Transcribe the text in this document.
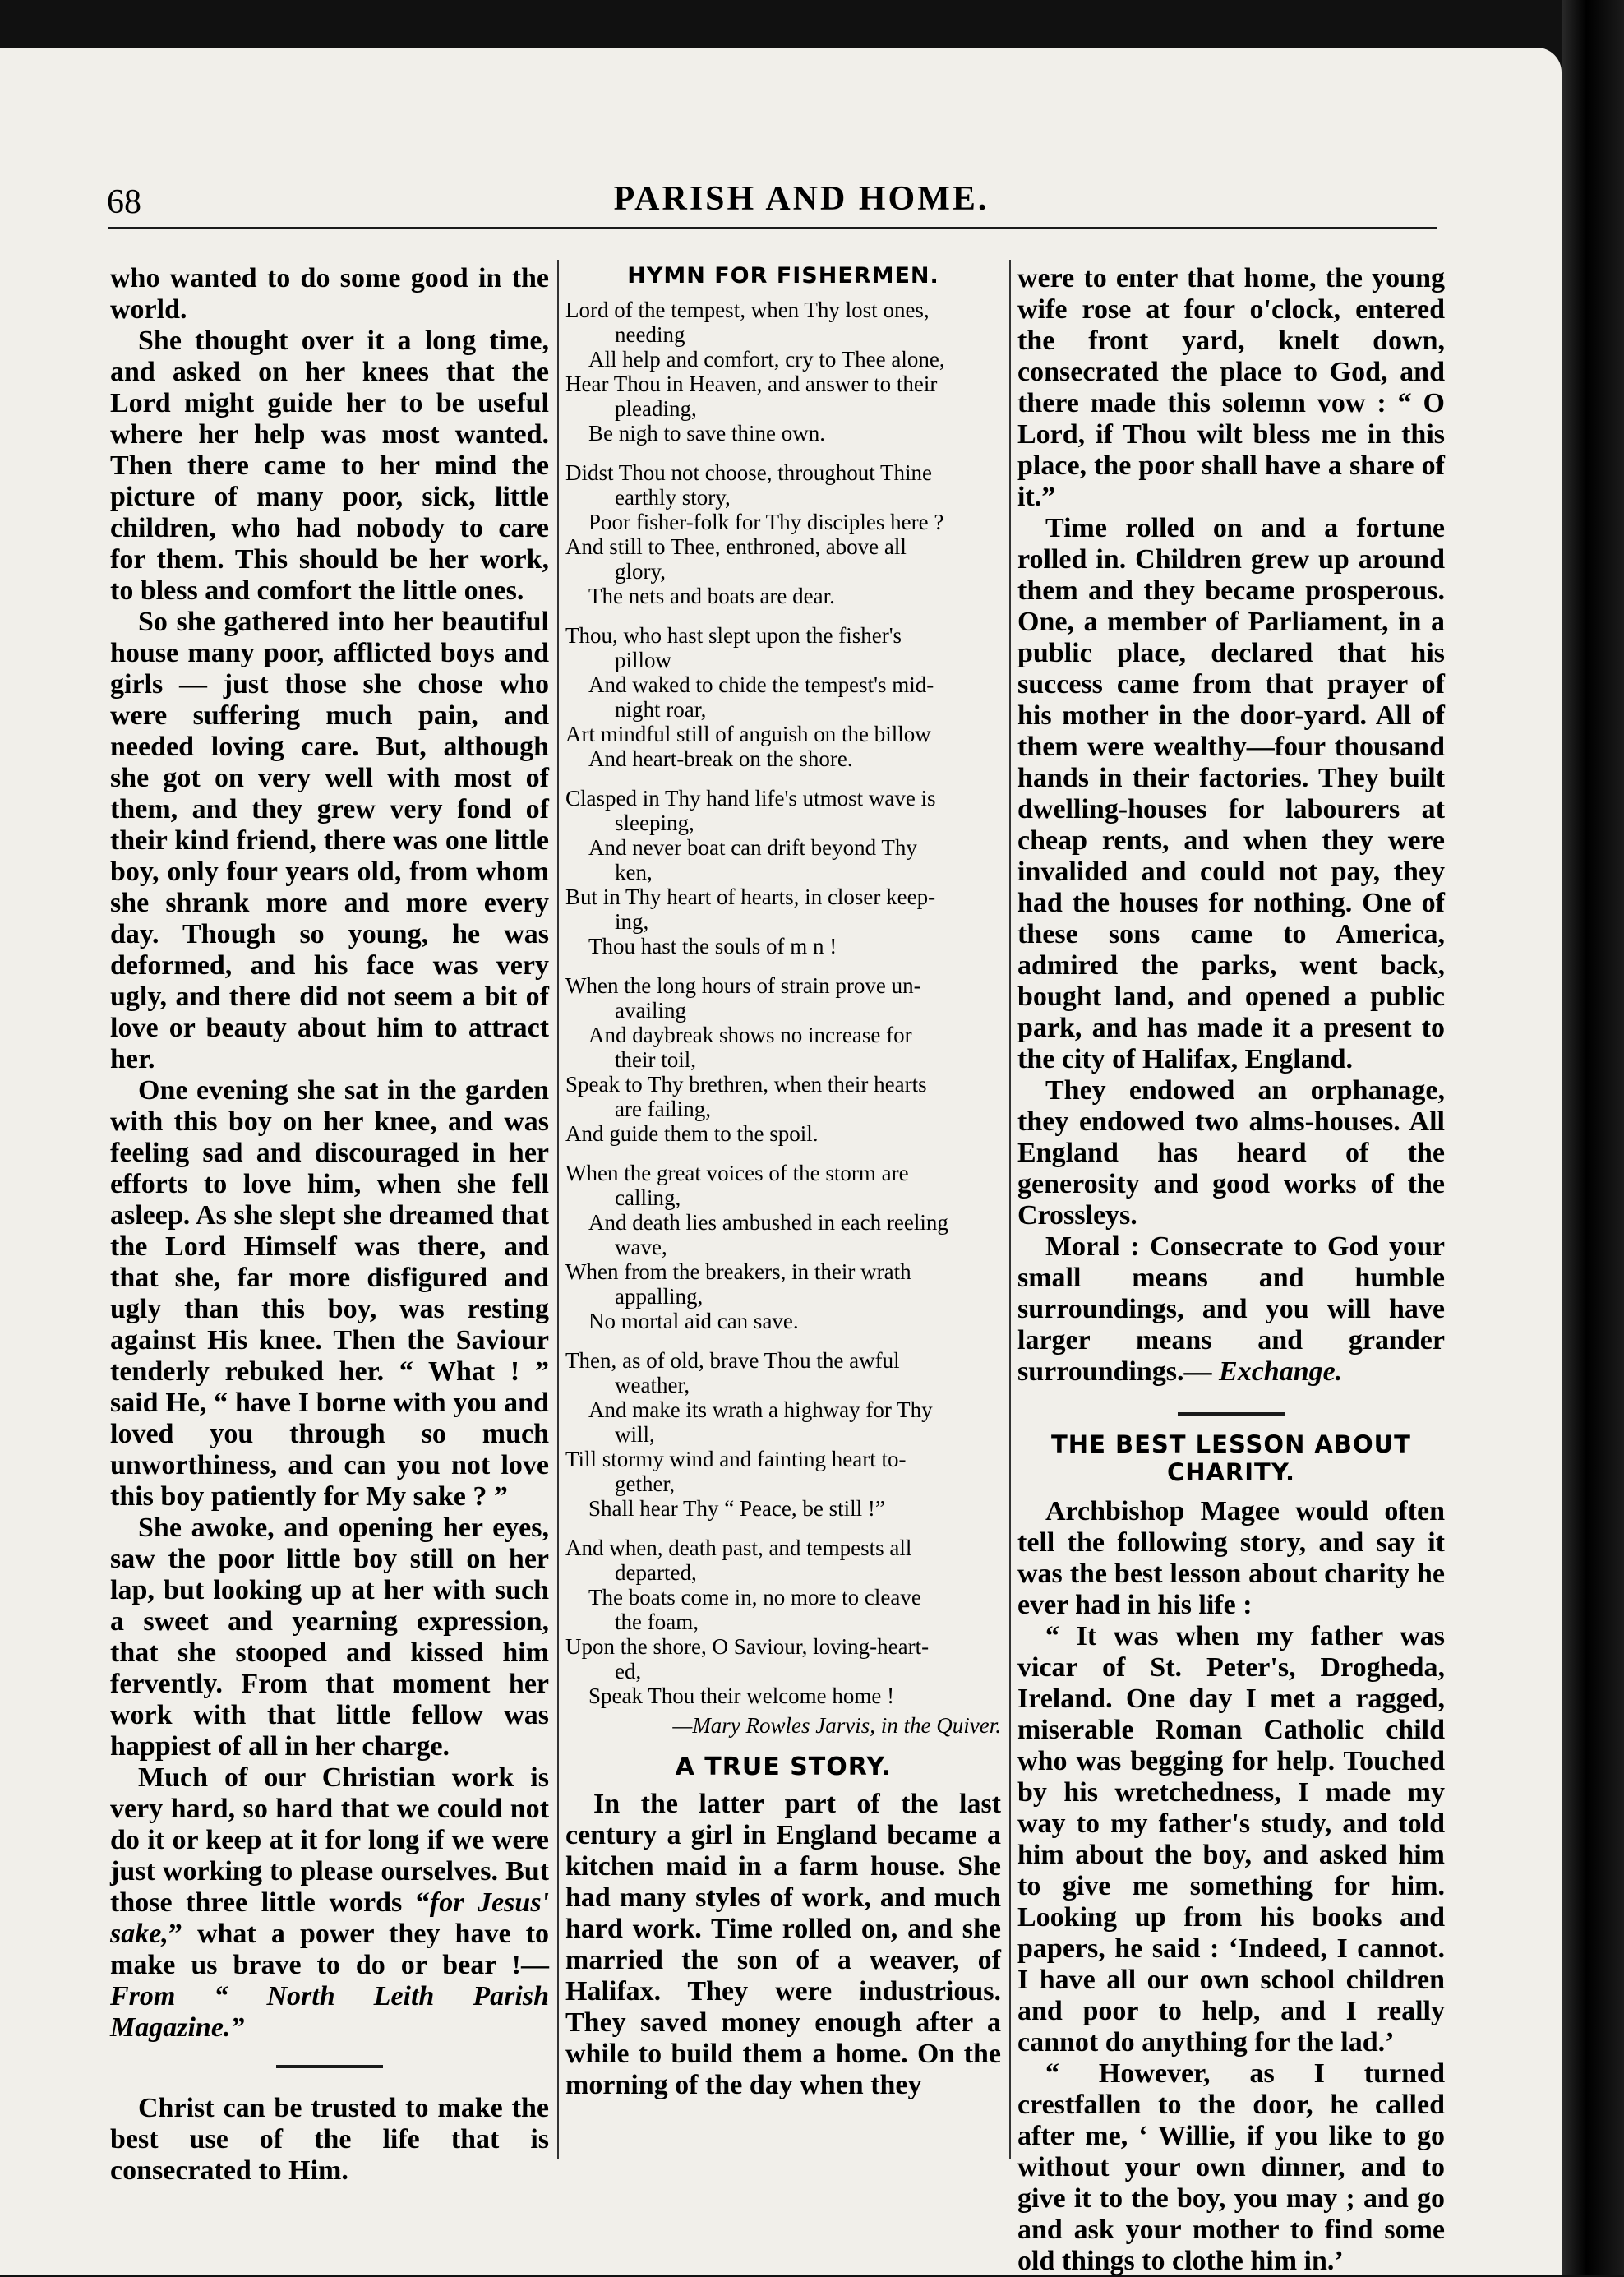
68	PARISH AND HOME.

who wanted to do some good in the world.

She thought over it a long time, and asked on her knees that the Lord might guide her to be useful where her help was most wanted. Then there came to her mind the picture of many poor, sick, little children, who had nobody to care for them. This should be her work, to bless and comfort the little ones.

So she gathered into her beautiful house many poor, afflicted boys and girls — just those she chose who were suffering much pain, and needed loving care. But, although she got on very well with most of them, and they grew very fond of their kind friend, there was one little boy, only four years old, from whom she shrank more and more every day. Though so young, he was deformed, and his face was very ugly, and there did not seem a bit of love or beauty about him to attract her.

One evening she sat in the garden with this boy on her knee, and was feeling sad and discouraged in her efforts to love him, when she fell asleep. As she slept she dreamed that the Lord Himself was there, and that she, far more disfigured and ugly than this boy, was resting against His knee. Then the Saviour tenderly rebuked her. “ What ! ” said He, “ have I borne with you and loved you through so much unworthiness, and can you not love this boy patiently for My sake ? ”

She awoke, and opening her eyes, saw the poor little boy still on her lap, but looking up at her with such a sweet and yearning expression, that she stooped and kissed him fervently. From that moment her work with that little fellow was happiest of all in her charge.

Much of our Christian work is very hard, so hard that we could not do it or keep at it for long if we were just working to please ourselves. But those three little words “for Jesus' sake,” what a power they have to make us brave to do or bear !—From “ North Leith Parish Magazine.”

Christ can be trusted to make the best use of the life that is consecrated to Him.

HYMN FOR FISHERMEN.
Lord of the tempest, when Thy lost ones,
needing
All help and comfort, cry to Thee alone,
Hear Thou in Heaven, and answer to their
pleading,
Be nigh to save thine own.
Didst Thou not choose, throughout Thine
earthly story,
Poor fisher-folk for Thy disciples here ?
And still to Thee, enthroned, above all
glory,
The nets and boats are dear.
Thou, who hast slept upon the fisher's
pillow
And waked to chide the tempest's mid-
night roar,
Art mindful still of anguish on the billow
And heart-break on the shore.
Clasped in Thy hand life's utmost wave is
sleeping,
And never boat can drift beyond Thy
ken,
But in Thy heart of hearts, in closer keep-
ing,
Thou hast the souls of m n !
When the long hours of strain prove un-
availing
And daybreak shows no increase for
their toil,
Speak to Thy brethren, when their hearts
are failing,
And guide them to the spoil.
When the great voices of the storm are
calling,
And death lies ambushed in each reeling
wave,
When from the breakers, in their wrath
appalling,
No mortal aid can save.
Then, as of old, brave Thou the awful
weather,
And make its wrath a highway for Thy
will,
Till stormy wind and fainting heart to-
gether,
Shall hear Thy “ Peace, be still !”
And when, death past, and tempests all
departed,
The boats come in, no more to cleave
the foam,
Upon the shore, O Saviour, loving-heart-
ed,
Speak Thou their welcome home !
—Mary Rowles Jarvis, in the Quiver.
A TRUE STORY.

In the latter part of the last century a girl in England became a kitchen maid in a farm house. She had many styles of work, and much hard work. Time rolled on, and she married the son of a weaver, of Halifax. They were industrious. They saved money enough after a while to build them a home. On the morning of the day when they

were to enter that home, the young wife rose at four o'clock, entered the front yard, knelt down, consecrated the place to God, and there made this solemn vow : “ O Lord, if Thou wilt bless me in this place, the poor shall have a share of it.”

Time rolled on and a fortune rolled in. Children grew up around them and they became prosperous. One, a member of Parliament, in a public place, declared that his success came from that prayer of his mother in the door-yard. All of them were wealthy—four thousand hands in their factories. They built dwelling-houses for labourers at cheap rents, and when they were invalided and could not pay, they had the houses for nothing. One of these sons came to America, admired the parks, went back, bought land, and opened a public park, and has made it a present to the city of Halifax, England.

They endowed an orphanage, they endowed two alms-houses. All England has heard of the generosity and good works of the Crossleys.

Moral : Consecrate to God your small means and humble surroundings, and you will have larger means and grander surroundings.— Exchange.

THE BEST LESSON ABOUT CHARITY.

Archbishop Magee would often tell the following story, and say it was the best lesson about charity he ever had in his life :

“ It was when my father was vicar of St. Peter's, Drogheda, Ireland. One day I met a ragged, miserable Roman Catholic child who was begging for help. Touched by his wretchedness, I made my way to my father's study, and told him about the boy, and asked him to give me something for him. Looking up from his books and papers, he said : ‘Indeed, I cannot. I have all our own school children and poor to help, and I really cannot do anything for the lad.’

“ However, as I turned crestfallen to the door, he called after me, ‘ Willie, if you like to go without your own dinner, and to give it to the boy, you may ; and go and ask your mother to find some old things to clothe him in.’
